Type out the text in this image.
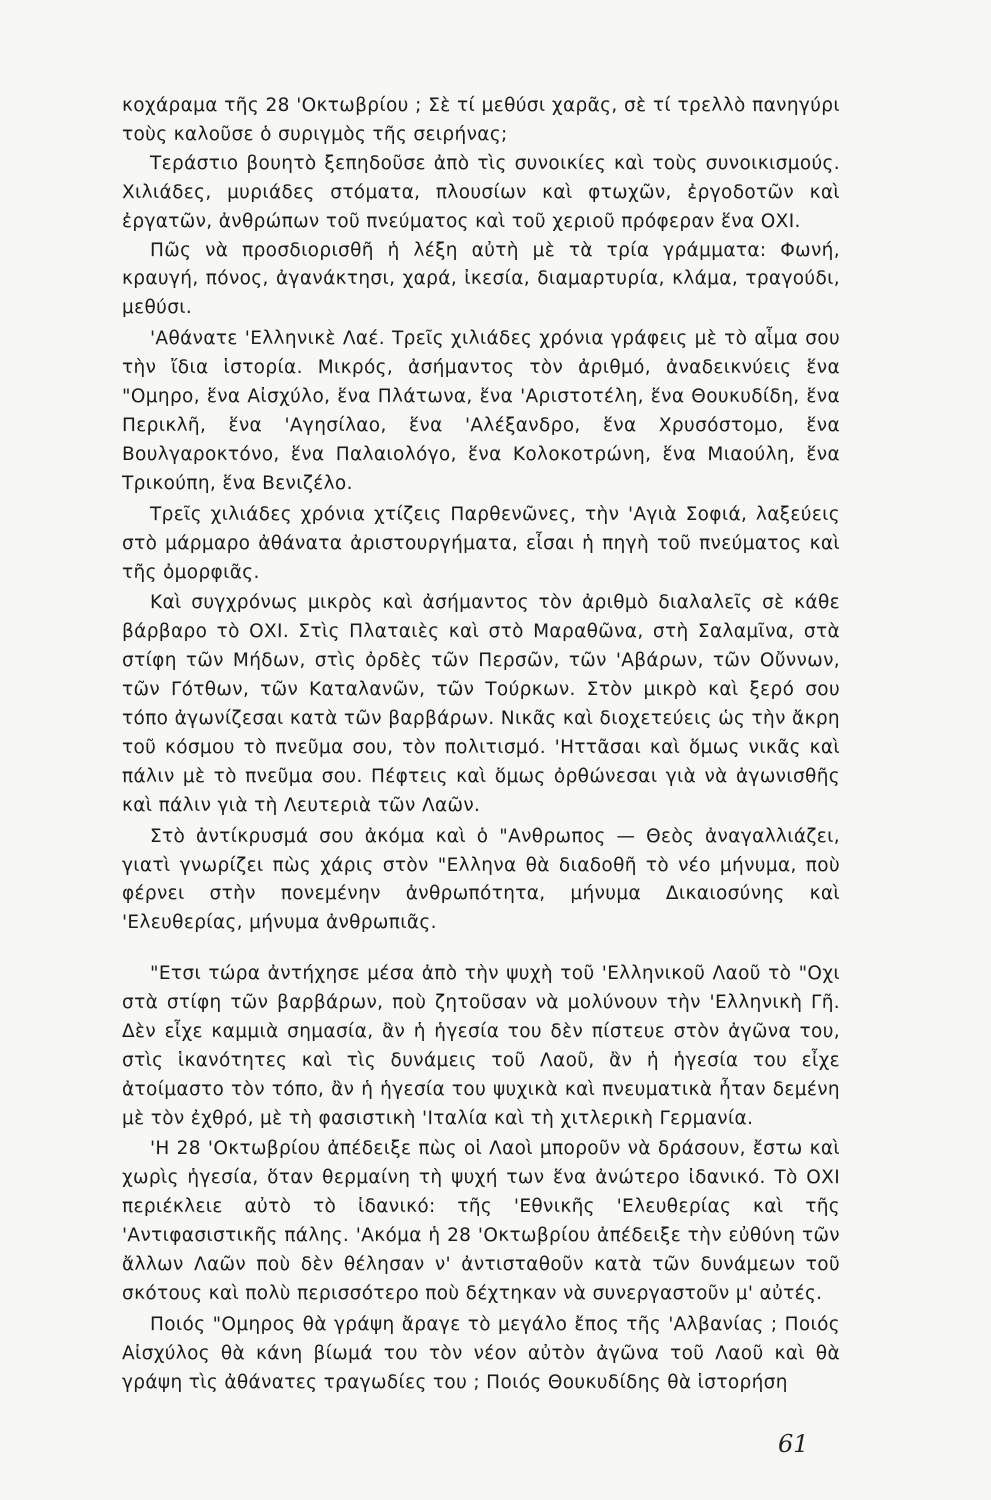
κοχάραμα τῆς 28 'Οκτωβρίου ; Σὲ τί μεθύσι χαρᾶς, σὲ τί τρελλὸ πανηγύρι τοὺς καλοῦσε ὁ συριγμὸς τῆς σειρήνας;

Τεράστιο βουητὸ ξεπηδοῦσε ἀπὸ τὶς συνοικίες καὶ τοὺς συνοικισμούς. Χιλιάδες, μυριάδες στόματα, πλουσίων καὶ φτωχῶν, ἐργοδοτῶν καὶ ἐργατῶν, ἀνθρώπων τοῦ πνεύματος καὶ τοῦ χεριοῦ πρόφεραν ἕνα ΟΧΙ.

Πῶς νὰ προσδιορισθῆ ἡ λέξη αὐτὴ μὲ τὰ τρία γράμματα: Φωνή, κραυγή, πόνος, ἀγανάκτησι, χαρά, ἰκεσία, διαμαρτυρία, κλάμα, τραγούδι, μεθύσι.

'Αθάνατε 'Ελληνικὲ Λαέ. Τρεῖς χιλιάδες χρόνια γράφεις μὲ τὸ αἷμα σου τὴν ἴδια ἱστορία. Μικρός, ἀσήμαντος τὸν ἀριθμό, ἀναδεικνύεις ἕνα "Ομηρο, ἕνα Αἰσχύλο, ἕνα Πλάτωνα, ἕνα 'Αριστοτέλη, ἕνα Θουκυδίδη, ἕνα Περικλῆ, ἕνα 'Αγησίλαο, ἕνα 'Αλέξανδρο, ἕνα Χρυσόστομο, ἕνα Βουλγαροκτόνο, ἕνα Παλαιολόγο, ἕνα Κολοκοτρώνη, ἕνα Μιαούλη, ἕνα Τρικούπη, ἕνα Βενιζέλο.

Τρεῖς χιλιάδες χρόνια χτίζεις Παρθενῶνες, τὴν 'Αγιὰ Σοφιά, λαξεύεις στὸ μάρμαρο ἀθάνατα ἀριστουργήματα, εἶσαι ἡ πηγὴ τοῦ πνεύματος καὶ τῆς ὀμορφιᾶς.

Καὶ συγχρόνως μικρὸς καὶ ἀσήμαντος τὸν ἀριθμὸ διαλαλεῖς σὲ κάθε βάρβαρο τὸ ΟΧΙ. Στὶς Πλαταιὲς καὶ στὸ Μαραθῶνα, στὴ Σαλαμῖνα, στὰ στίφη τῶν Μήδων, στὶς ὀρδὲς τῶν Περσῶν, τῶν 'Αβάρων, τῶν Οὔννων, τῶν Γότθων, τῶν Καταλανῶν, τῶν Τούρκων. Στὸν μικρὸ καὶ ξερό σου τόπο ἀγωνίζεσαι κατὰ τῶν βαρβάρων. Νικᾶς καὶ διοχετεύεις ὡς τὴν ἄκρη τοῦ κόσμου τὸ πνεῦμα σου, τὸν πολιτισμό. 'Ηττᾶσαι καὶ ὅμως νικᾶς καὶ πάλιν μὲ τὸ πνεῦμα σου. Πέφτεις καὶ ὅμως ὀρθώνεσαι γιὰ νὰ ἀγωνισθῆς καὶ πάλιν γιὰ τὴ Λευτεριὰ τῶν Λαῶν.

Στὸ ἀντίκρυσμά σου ἀκόμα καὶ ὁ "Ανθρωπος — Θεὸς ἀναγαλλιάζει, γιατὶ γνωρίζει πὼς χάρις στὸν "Ελληνα θὰ διαδοθῆ τὸ νέο μήνυμα, ποὺ φέρνει στὴν πονεμένην ἀνθρωπότητα, μήνυμα Δικαιοσύνης καὶ 'Ελευθερίας, μήνυμα ἀνθρωπιᾶς.

"Ετσι τώρα ἀντήχησε μέσα ἀπὸ τὴν ψυχὴ τοῦ 'Ελληνικοῦ Λαοῦ τὸ "Οχι στὰ στίφη τῶν βαρβάρων, ποὺ ζητοῦσαν νὰ μολύνουν τὴν 'Ελληνικὴ Γῆ. Δὲν εἶχε καμμιὰ σημασία, ἂν ἡ ἡγεσία του δὲν πίστευε στὸν ἀγῶνα του, στὶς ἱκανότητες καὶ τὶς δυνάμεις τοῦ Λαοῦ, ἂν ἡ ἡγεσία του εἶχε ἀτοίμαστο τὸν τόπο, ἂν ἡ ἡγεσία του ψυχικὰ καὶ πνευματικὰ ἦταν δεμένη μὲ τὸν ἐχθρό, μὲ τὴ φασιστικὴ 'Ιταλία καὶ τὴ χιτλερικὴ Γερμανία.

'Η 28 'Οκτωβρίου ἀπέδειξε πὼς οἱ Λαοὶ μποροῦν νὰ δράσουν, ἔστω καὶ χωρὶς ἡγεσία, ὅταν θερμαίνη τὴ ψυχή των ἕνα ἀνώτερο ἰδανικό. Τὸ ΟΧΙ περιέκλειε αὐτὸ τὸ ἰδανικό: τῆς 'Εθνικῆς 'Ελευθερίας καὶ τῆς 'Αντιφασιστικῆς πάλης. 'Ακόμα ἡ 28 'Οκτωβρίου ἀπέδειξε τὴν εὐθύνη τῶν ἄλλων Λαῶν ποὺ δὲν θέλησαν ν' ἀντισταθοῦν κατὰ τῶν δυνάμεων τοῦ σκότους καὶ πολὺ περισσότερο ποὺ δέχτηκαν νὰ συνεργαστοῦν μ' αὐτές.

Ποιός "Ομηρος θὰ γράψη ἄραγε τὸ μεγάλο ἔπος τῆς 'Αλβανίας ; Ποιός Αἰσχύλος θὰ κάνη βίωμά του τὸν νέον αὐτὸν ἀγῶνα τοῦ Λαοῦ καὶ θὰ γράψη τὶς ἀθάνατες τραγωδίες του ; Ποιός Θουκυδίδης θὰ ἱστορήση

61
